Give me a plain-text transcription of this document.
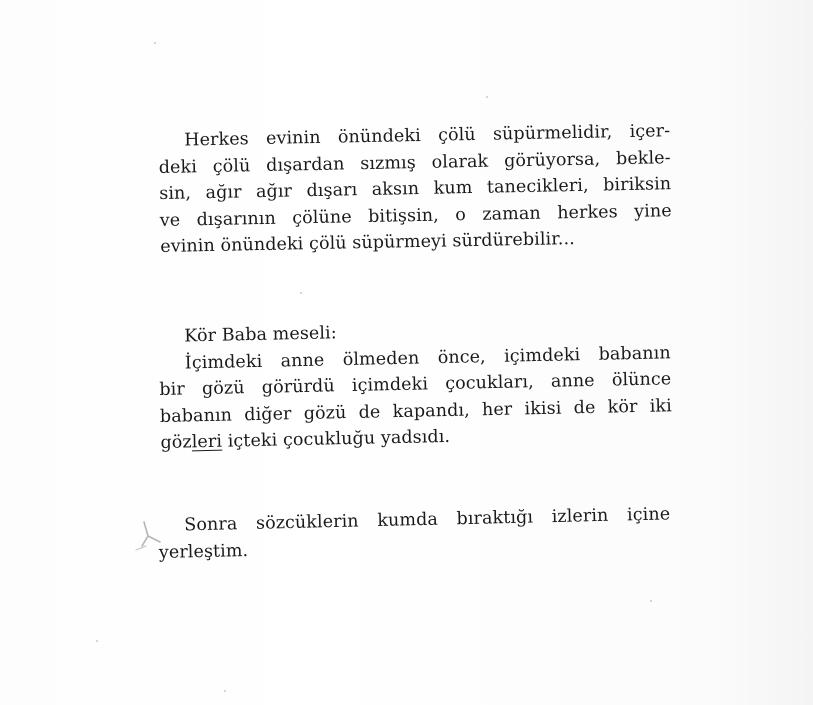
Herkes evinin önündeki çölü süpürmelidir, içer-
deki çölü dışardan sızmış olarak görüyorsa, bekle-
sin, ağır ağır dışarı aksın kum tanecikleri, biriksin
ve dışarının çölüne bitişsin, o zaman herkes yine
evinin önündeki çölü süpürmeyi sürdürebilir...
Kör Baba meseli:
İçimdeki anne ölmeden önce, içimdeki babanın
bir gözü görürdü içimdeki çocukları, anne ölünce
babanın diğer gözü de kapandı, her ikisi de kör iki
gözleri içteki çocukluğu yadsıdı.
Sonra sözcüklerin kumda bıraktığı izlerin içine
yerleştim.
